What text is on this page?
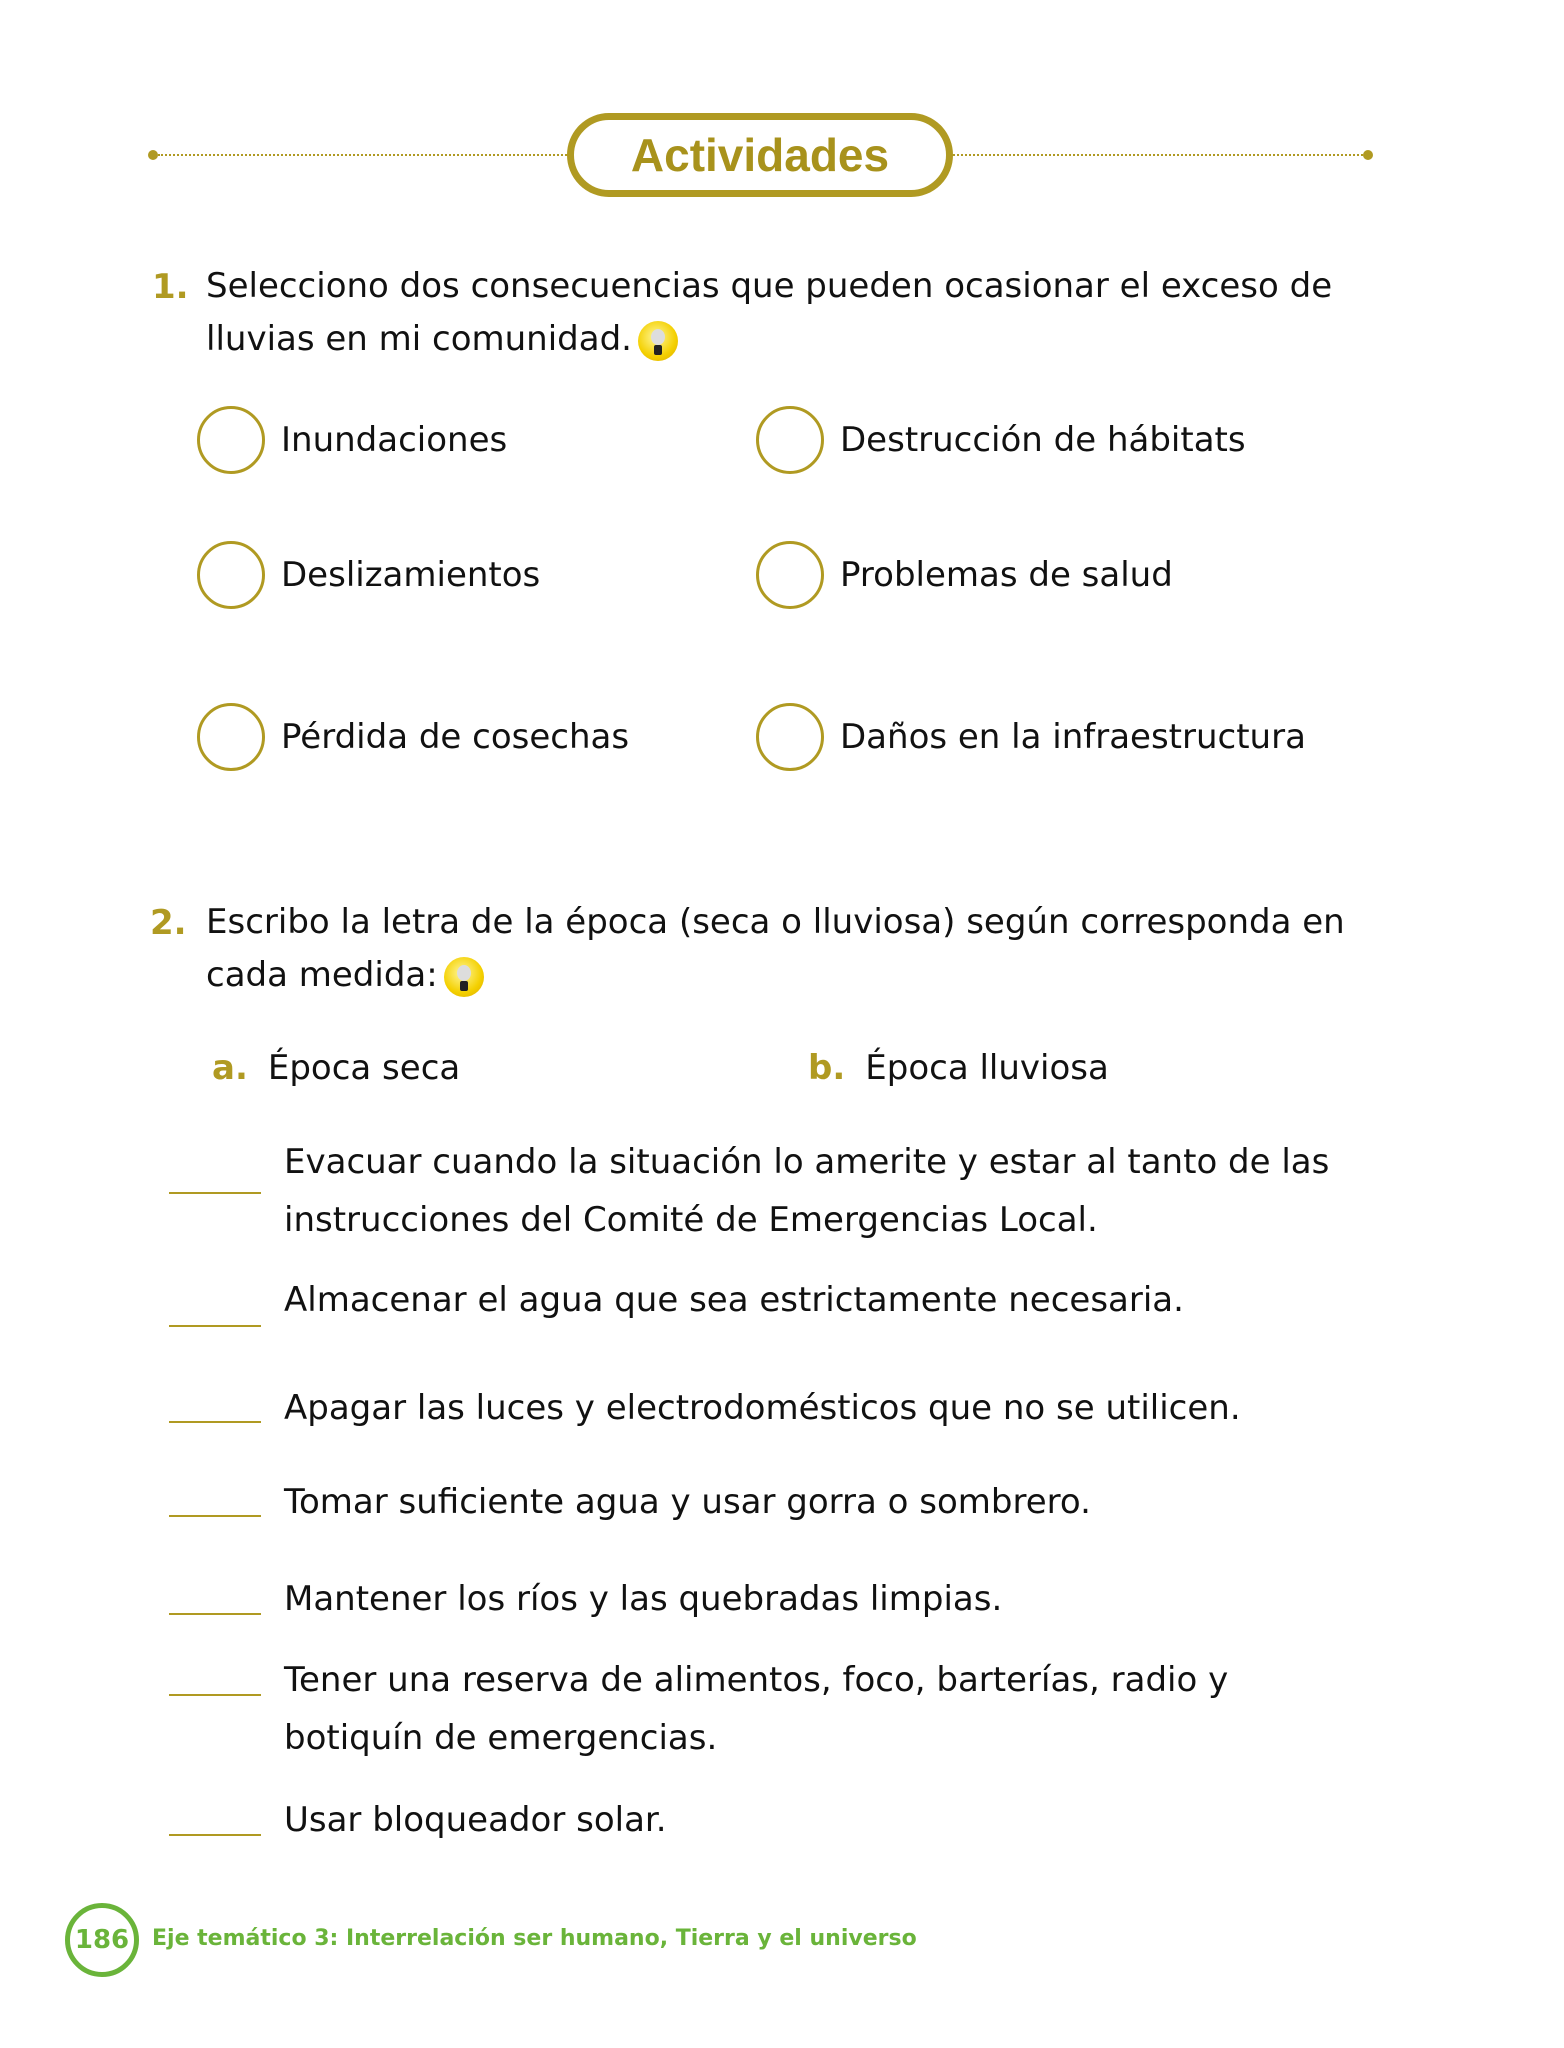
Actividades
1. Selecciono dos consecuencias que pueden ocasionar el exceso de lluvias en mi comunidad.
Inundaciones	Destrucción de hábitats
Deslizamientos	Problemas de salud
Pérdida de cosechas	Daños en la infraestructura
2. Escribo la letra de la época (seca o lluviosa) según corresponda en cada medida:
a. Época seca	b. Época lluviosa
Evacuar cuando la situación lo amerite y estar al tanto de las instrucciones del Comité de Emergencias Local.
Almacenar el agua que sea estrictamente necesaria.
Apagar las luces y electrodomésticos que no se utilicen.
Tomar suficiente agua y usar gorra o sombrero.
Mantener los ríos y las quebradas limpias.
Tener una reserva de alimentos, foco, barterías, radio y botiquín de emergencias.
Usar bloqueador solar.
186	Eje temático 3: Interrelación ser humano, Tierra y el universo
